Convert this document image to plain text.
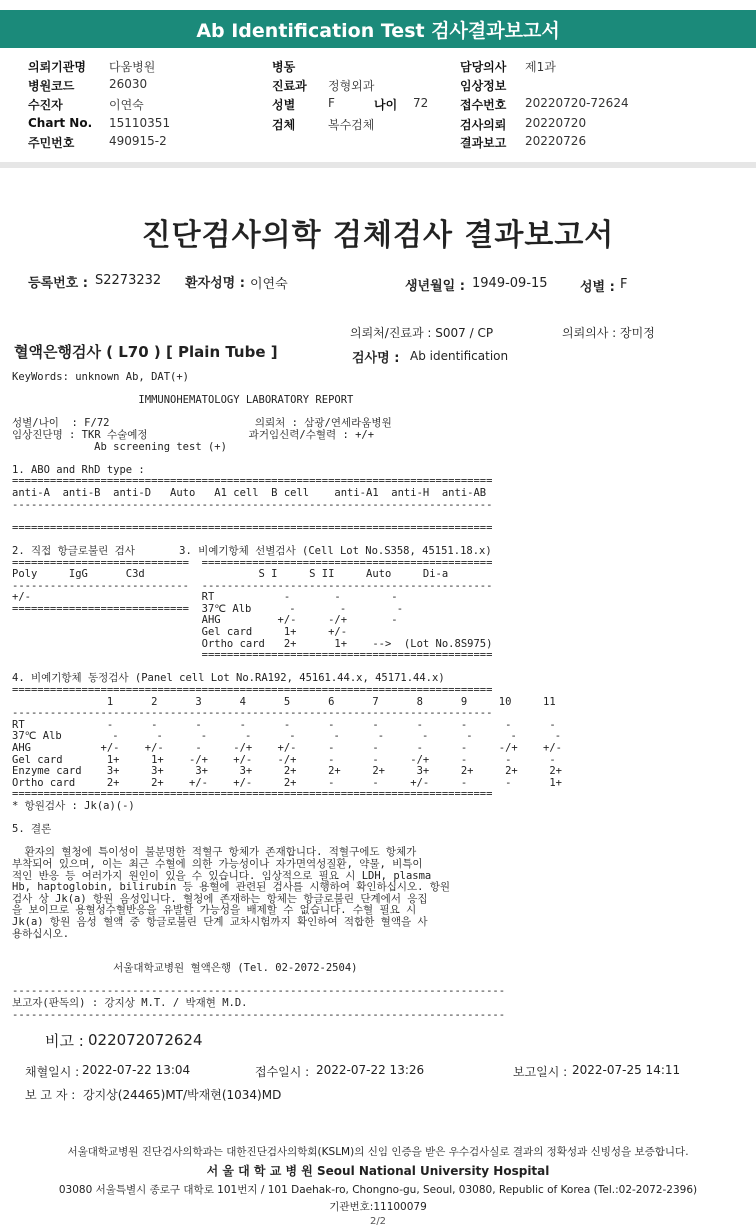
Ab Identification Test 검사결과보고서
의뢰기관명 다움병원
병원코드	26030
수진자	이연숙
Chart No. 15110351
주민번호	490915-2
병동
진료과 정형외과
성별	F	나이 72
검체	복수검체
담당의사 제1과
임상정보
접수번호 20220720-72624
검사의뢰 20220720
결과보고 20220726
진단검사의학 검체검사 결과보고서
등록번호 : S2273232 환자성명 : 이연숙	생년월일 : 1949-09-15 성별 : F
의뢰처/진료과 : S007 / CP	의뢰의사 : 장미정
혈액은행검사 ( L70 ) [ Plain Tube ]	검사명 : Ab identification
KeyWords: unknown Ab, DAT(+)

IMMUNOHEMATOLOGY LABORATORY REPORT

성별/나이  : F/72                       의뢰처 : 삼광/연세라움병원
임상진단명 : TKR 수술예정                과거임신력/수혈력 : +/+
Ab screening test (+)

1. ABO and RhD type :
============================================================================
anti-A  anti-B  anti-D   Auto   A1 cell  B cell    anti-A1  anti-H  anti-AB
----------------------------------------------------------------------------

============================================================================

2. 직접 항글로불린 검사       3. 비예기항체 선별검사 (Cell Lot No.S358, 45151.18.x)
============================  ==============================================
Poly     IgG      C3d                  S I     S II     Auto     Di-a
----------------------------  ----------------------------------------------
+/-                           RT           -       -        -
============================  37℃ Alb      -       -        -
AHG         +/-     -/+       -
Gel card     1+     +/-
Ortho card   2+      1+    -->  (Lot No.8S975)
==============================================

4. 비예기항체 동정검사 (Panel cell Lot No.RA192, 45161.44.x, 45171.44.x)
============================================================================
1      2      3      4      5      6      7      8      9     10     11
----------------------------------------------------------------------------
RT             -      -      -      -      -      -      -      -      -      -      -
37℃ Alb        -      -      -      -      -      -      -      -      -      -      -
AHG           +/-    +/-     -     -/+    +/-     -      -      -      -     -/+    +/-
Gel card       1+     1+    -/+    +/-    -/+     -      -     -/+     -      -      -
Enzyme card    3+     3+     3+     3+     2+     2+     2+     3+     2+     2+     2+
Ortho card     2+     2+    +/-    +/-     2+     -      -     +/-     -      -      1+
============================================================================
* 항원검사 : Jk(a)(-)

5. 결론

환자의 혈청에 특이성이 불분명한 적혈구 항체가 존재합니다. 적혈구에도 항체가
부착되어 있으며, 이는 최근 수혈에 의한 가능성이나 자가면역성질환, 약물, 비특이
적인 반응 등 여러가지 원인이 있을 수 있습니다. 임상적으로 필요 시 LDH, plasma
Hb, haptoglobin, bilirubin 등 용혈에 관련된 검사를 시행하여 확인하십시오. 항원
검사 상 Jk(a) 항원 음성입니다. 혈청에 존재하는 항체는 항글로불린 단계에서 응집
을 보이므로 용혈성수혈반응을 유발할 가능성을 배제할 수 없습니다. 수혈 필요 시
Jk(a) 항원 음성 혈액 중 항글로불린 단계 교차시험까지 확인하여 적합한 혈액을 사
용하십시오.

서울대학교병원 혈액은행 (Tel. 02-2072-2504)

------------------------------------------------------------------------------
보고자(판독의) : 강지상 M.T. / 박재현 M.D.
------------------------------------------------------------------------------
비고 : 022072072624
채혈일시 : 2022-07-22 13:04	접수일시 : 2022-07-22 13:26	보고일시 : 2022-07-25 14:11
보 고 자 : 강지상(24465)MT/박재현(1034)MD
서울대학교병원 진단검사의학과는 대한진단검사의학회(KSLM)의 신임 인증을 받은 우수검사실로 결과의 정확성과 신빙성을 보증합니다.
서 울 대 학 교 병 원 Seoul National University Hospital
03080 서울특별시 종로구 대학로 101번지 / 101 Daehak-ro, Chongno-gu, Seoul, 03080, Republic of Korea (Tel.:02-2072-2396)
기관번호:11100079
2/2
